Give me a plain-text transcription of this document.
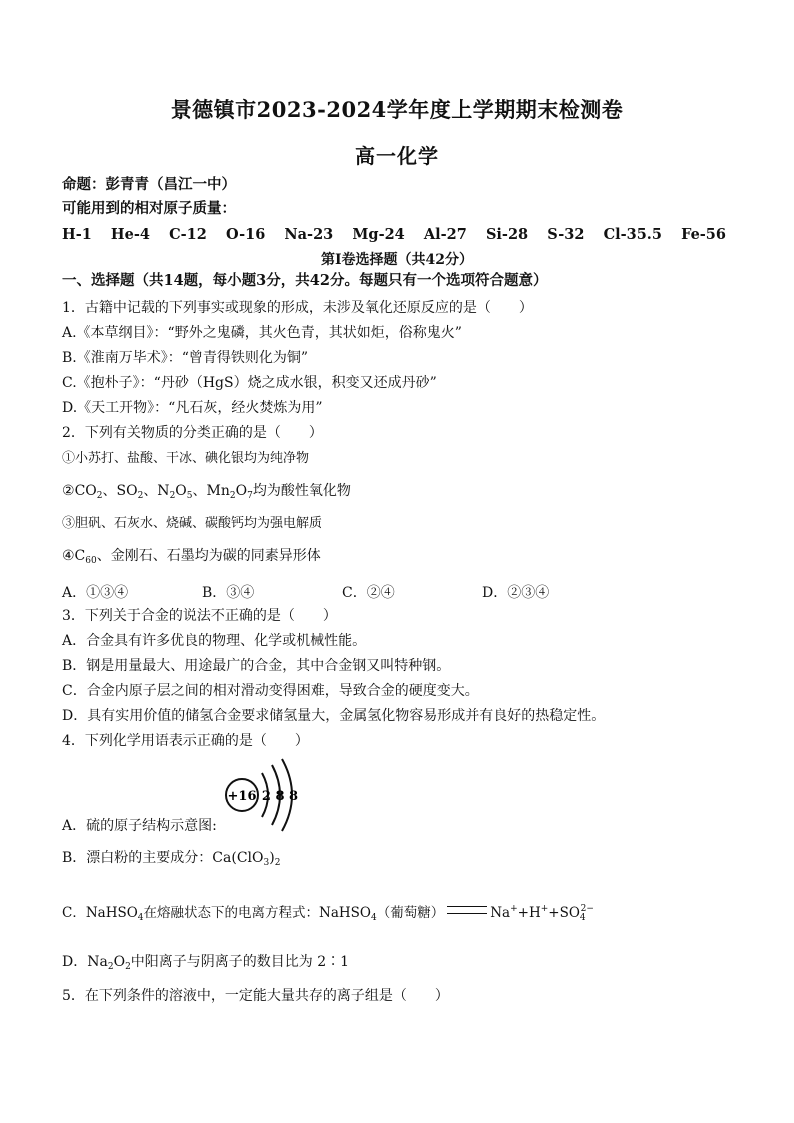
景德镇市2023-2024学年度上学期期末检测卷
高一化学
命题：彭青青（昌江一中）
可能用到的相对原子质量：
H-1 He-4 C-12 O-16 Na-23 Mg-24 Al-27 Si-28 S-32 Cl-35.5 Fe-56
第Ⅰ卷选择题（共42分）
一、选择题（共14题，每小题3分，共42分。每题只有一个选项符合题意）
1．古籍中记载的下列事实或现象的形成，未涉及氧化还原反应的是（　　）
A.《本草纲目》：“野外之鬼磷，其火色青，其状如炬，俗称鬼火”
B.《淮南万毕术》：“曾青得铁则化为铜”
C.《抱朴子》：“丹砂（HgS）烧之成水银，积变又还成丹砂”
D.《天工开物》：“凡石灰，经火焚炼为用”
2．下列有关物质的分类正确的是（　　）
①小苏打、盐酸、干冰、碘化银均为纯净物
$②CO_2$、$SO_2$、$N_2O_5$、$Mn_2O_7$均为酸性氧化物
③胆矾、石灰水、烧碱、碳酸钙均为强电解质
$④C_{60}$、金刚石、石墨均为碳的同素异形体
A．①③④	B．③④	C．②④	D．②③④
3．下列关于合金的说法不正确的是（　　）
A．合金具有许多优良的物理、化学或机械性能。
B．钢是用量最大、用途最广的合金，其中合金钢又叫特种钢。
C．合金内原子层之间的相对滑动变得困难，导致合金的硬度变大。
D．具有实用价值的储氢合金要求储氢量大，金属氢化物容易形成并有良好的热稳定性。
4．下列化学用语表示正确的是（　　）
+16 2 8 8
A．硫的原子结构示意图:
B．漂白粉的主要成分：$Ca(ClO_3)_2$
C．NaHSO$_4$在熔融状态下的电离方程式：NaHSO$_4$（葡萄糖）	$Na^++H^++SO_4^{2-}$
D．$Na_2O_2$中阳离子与阴离子的数目比为 2∶1
5．在下列条件的溶液中，一定能大量共存的离子组是（　　）
